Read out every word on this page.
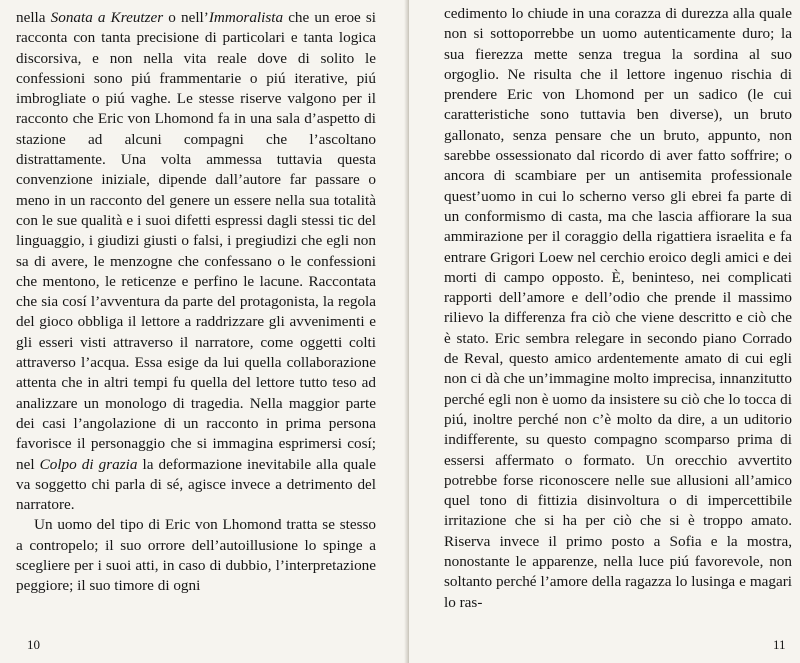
nella Sonata a Kreutzer o nell’Immoralista che un eroe si racconta con tanta precisione di particolari e tanta logica discorsiva, e non nella vita reale dove di solito le confessioni sono piú frammentarie o piú iterative, piú imbrogliate o piú vaghe. Le stesse riserve valgono per il racconto che Eric von Lhomond fa in una sala d’aspetto di stazione ad alcuni compagni che l’ascoltano distrattamente. Una volta ammessa tuttavia questa convenzione iniziale, dipende dall’autore far passare o meno in un racconto del genere un essere nella sua totalità con le sue qualità e i suoi difetti espressi dagli stessi tic del linguaggio, i giudizi giusti o falsi, i pregiudizi che egli non sa di avere, le menzogne che confessano o le confessioni che mentono, le reticenze e perfino le lacune. Raccontata che sia cosí l’avventura da parte del protagonista, la regola del gioco obbliga il lettore a raddrizzare gli avvenimenti e gli esseri visti attraverso il narratore, come oggetti colti attraverso l’acqua. Essa esige da lui quella collaborazione attenta che in altri tempi fu quella del lettore tutto teso ad analizzare un monologo di tragedia. Nella maggior parte dei casi l’angolazione di un racconto in prima persona favorisce il personaggio che si immagina esprimersi cosí; nel Colpo di grazia la deformazione inevitabile alla quale va soggetto chi parla di sé, agisce invece a detrimento del narratore.

Un uomo del tipo di Eric von Lhomond tratta se stesso a contropelo; il suo orrore dell’autoillusione lo spinge a scegliere per i suoi atti, in caso di dubbio, l’interpretazione peggiore; il suo timore di ogni

10

cedimento lo chiude in una corazza di durezza alla quale non si sottoporrebbe un uomo autenticamente duro; la sua fierezza mette senza tregua la sordina al suo orgoglio. Ne risulta che il lettore ingenuo rischia di prendere Eric von Lhomond per un sadico (le cui caratteristiche sono tuttavia ben diverse), un bruto gallonato, senza pensare che un bruto, appunto, non sarebbe ossessionato dal ricordo di aver fatto soffrire; o ancora di scambiare per un antisemita professionale quest’uomo in cui lo scherno verso gli ebrei fa parte di un conformismo di casta, ma che lascia affiorare la sua ammirazione per il coraggio della rigattiera israelita e fa entrare Grigori Loew nel cerchio eroico degli amici e dei morti di campo opposto. È, beninteso, nei complicati rapporti dell’amore e dell’odio che prende il massimo rilievo la differenza fra ciò che viene descritto e ciò che è stato. Eric sembra relegare in secondo piano Corrado de Reval, questo amico ardentemente amato di cui egli non ci dà che un’immagine molto imprecisa, innanzitutto perché egli non è uomo da insistere su ciò che lo tocca di piú, inoltre perché non c’è molto da dire, a un uditorio indifferente, su questo compagno scomparso prima di essersi affermato o formato. Un orecchio avvertito potrebbe forse riconoscere nelle sue allusioni all’amico quel tono di fittizia disinvoltura o di impercettibile irritazione che si ha per ciò che si è troppo amato. Riserva invece il primo posto a Sofia e la mostra, nonostante le apparenze, nella luce piú favorevole, non soltanto perché l’amore della ragazza lo lusinga e magari lo ras-

11
